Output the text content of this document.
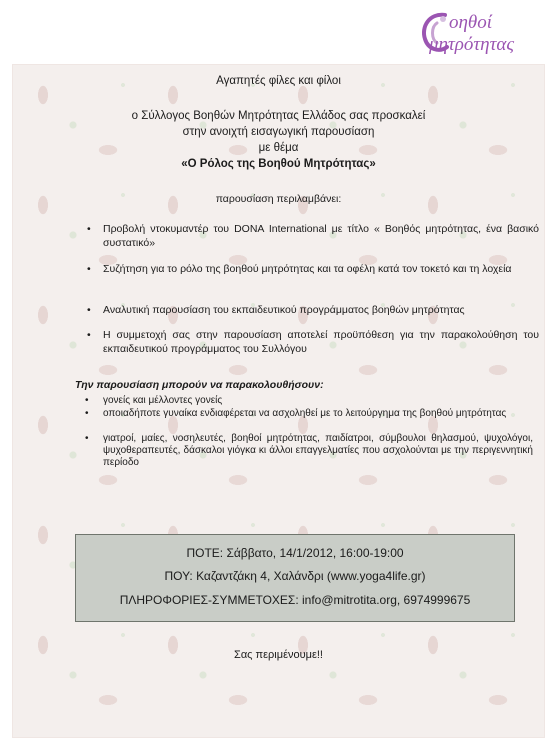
οηθοί
μητρότητας
Αγαπητές φίλες και φίλοι
ο Σύλλογος Βοηθών Μητρότητας Ελλάδος σας προσκαλεί
στην ανοιχτή εισαγωγική παρουσίαση
με θέμα
«Ο Ρόλος της Βοηθού Μητρότητας»
παρουσίαση περιλαμβάνει:
• Προβολή ντοκυμαντέρ του DONA International με τίτλο « Βοηθός μητρότητας, ένα βασικό συστατικό»
• Συζήτηση για το ρόλο της βοηθού μητρότητας και τα οφέλη κατά τον τοκετό και τη λοχεία
• Αναλυτική παρουσίαση του εκπαιδευτικού προγράμματος βοηθών μητρότητας
• Η συμμετοχή σας στην παρουσίαση αποτελεί προϋπόθεση για την παρακολούθηση του εκπαιδευτικού προγράμματος του Συλλόγου
Την παρουσίαση μπορούν να παρακολουθήσουν:
• γονείς και μέλλοντες γονείς
• οποιαδήποτε γυναίκα ενδιαφέρεται να ασχοληθεί με το λειτούργημα της βοηθού μητρότητας
• γιατροί, μαίες, νοσηλευτές, βοηθοί μητρότητας, παιδίατροι, σύμβουλοι θηλασμού, ψυχολόγοι, ψυχοθεραπευτές, δάσκαλοι γιόγκα κι άλλοι επαγγελματίες που ασχολούνται με την περιγεννητική περίοδο
ΠΟΤΕ: Σάββατο, 14/1/2012, 16:00-19:00
ΠΟΥ: Καζαντζάκη 4, Χαλάνδρι (www.yoga4life.gr)
ΠΛΗΡΟΦΟΡΙΕΣ-ΣΥΜΜΕΤΟΧΕΣ: info@mitrotita.org, 6974999675
Σας περιμένουμε!!
